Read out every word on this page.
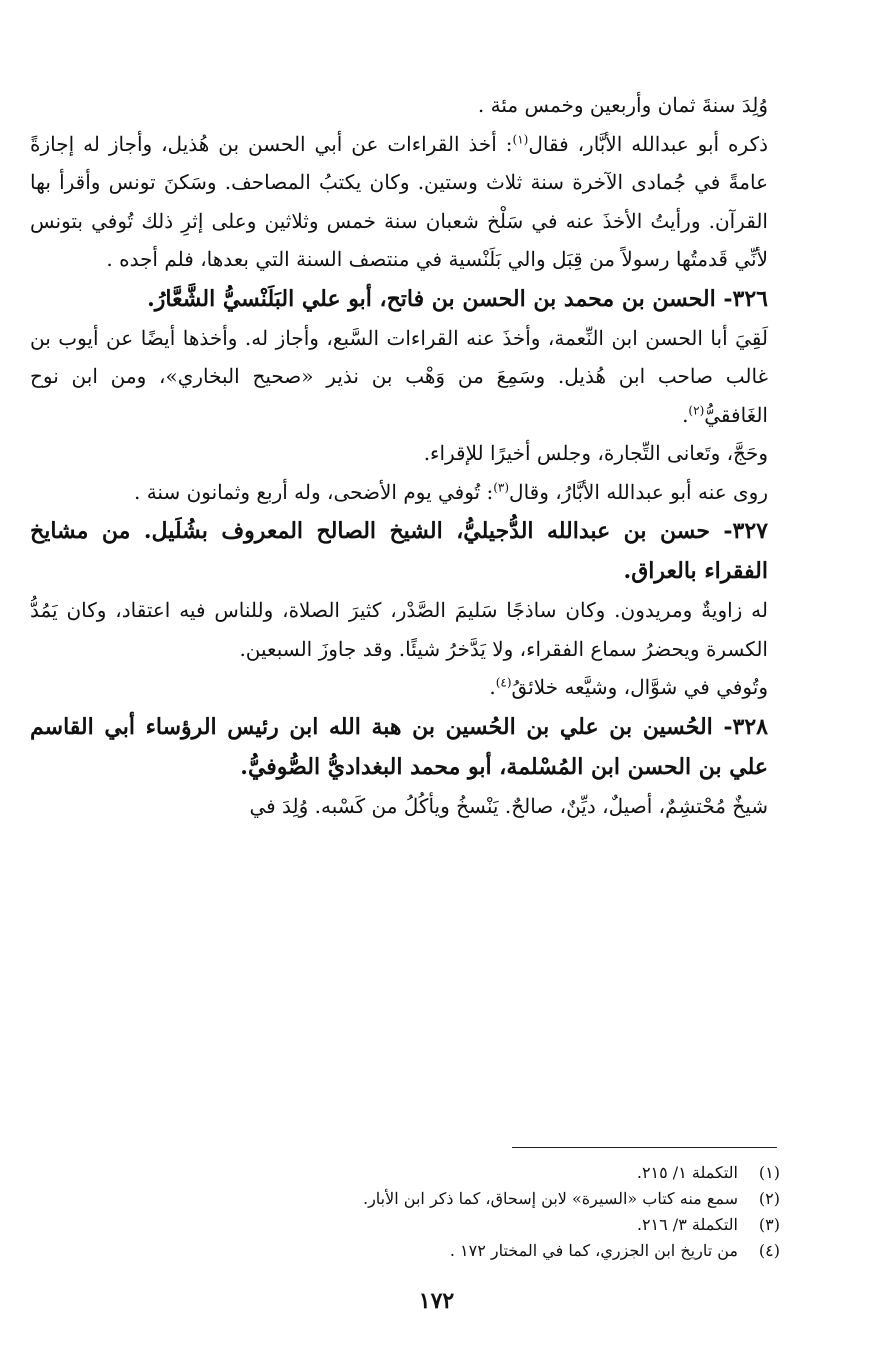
وُلِدَ سنةَ ثمان وأربعين وخمس مئة .

ذكره أبو عبدالله الأبَّار، فقال$^{(١)}$: أخذ القراءات عن أبي الحسن بن هُذيل، وأجاز له إجازةً عامةً في جُمادى الآخرة سنة ثلاث وستين. وكان يكتبُ المصاحف. وسَكنَ تونس وأقرأ بها القرآن. ورأيتُ الأخذَ عنه في سَلْخ شعبان سنة خمس وثلاثين وعلى إثرِ ذلك تُوفي بتونس لأنِّي قَدمتُها رسولاً من قِبَل والي بَلَنْسية في منتصف السنة التي بعدها، فلم أجده .

٣٢٦- الحسن بن محمد بن الحسن بن فاتح، أبو علي البَلَنْسيُّ الشَّعَّارُ.

لَقِيَ أبا الحسن ابن النِّعمة، وأخذَ عنه القراءات السَّبع، وأجاز له. وأخذها أيضًا عن أيوب بن غالب صاحب ابن هُذيل. وسَمِعَ من وَهْب بن نذير «صحيح البخاري»، ومن ابن نوح الغَافقيُّ$^{(٢)}$.

وحَجَّ، وتَعانى التِّجارة، وجلس أخيرًا للإقراء.

روى عنه أبو عبدالله الأبَّارُ، وقال$^{(٣)}$: تُوفي يوم الأضحى، وله أربع وثمانون سنة .

٣٢٧- حسن بن عبدالله الدُّجيليُّ، الشيخ الصالح المعروف بشُلَيل. من مشايخ الفقراء بالعراق.

له زاويةٌ ومريدون. وكان ساذجًا سَليمَ الصَّدْر، كثيرَ الصلاة، وللناس فيه اعتقاد، وكان يَمُدُّ الكسرة ويحضرُ سماع الفقراء، ولا يَدَّخرُ شيئًا. وقد جاوزَ السبعين.

وتُوفي في شوَّال، وشيَّعه خلائقُ$^{(٤)}$.

٣٢٨- الحُسين بن علي بن الحُسين بن هبة الله ابن رئيس الرؤساء أبي القاسم علي بن الحسن ابن المُسْلمة، أبو محمد البغداديُّ الصُّوفيُّ.

شيخٌ مُحْتشِمٌ، أصيلٌ، ديِّنٌ، صالحٌ. يَنْسخُ ويأكُلُ من كَسْبه. وُلِدَ في

(١)التكملة ١/ ٢١٥.
(٢)سمع منه كتاب «السيرة» لابن إسحاق، كما ذكر ابن الأبار.
(٣)التكملة ٣/ ٢١٦.
(٤)من تاريخ ابن الجزري، كما في المختار ١٧٢ .
١٧٢
